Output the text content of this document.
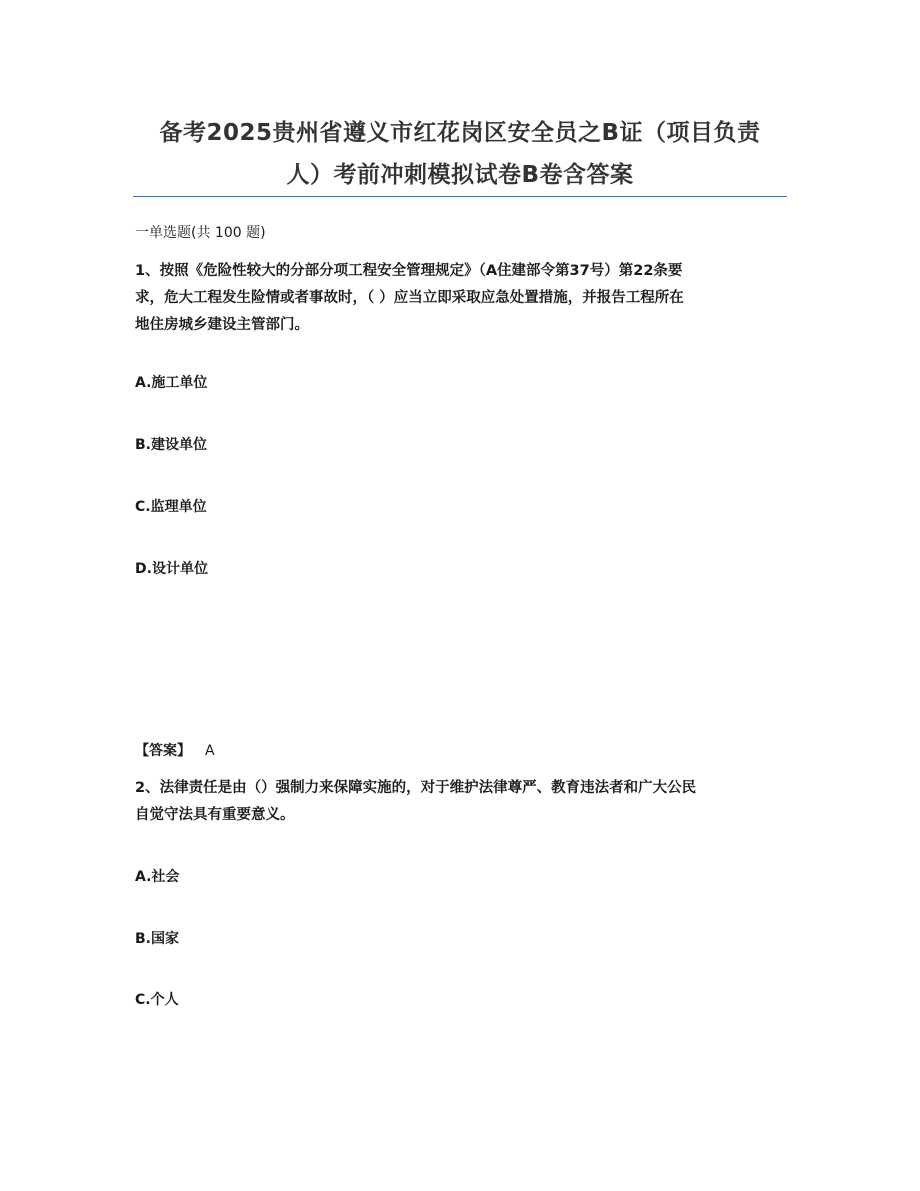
备考2025贵州省遵义市红花岗区安全员之B证（项目负责
人）考前冲刺模拟试卷B卷含答案
一单选题(共 100 题)
1、按照《危险性较大的分部分项工程安全管理规定》（A住建部令第37号）第22条要
求，危大工程发生险情或者事故时，（ ）应当立即采取应急处置措施，并报告工程所在
地住房城乡建设主管部门。
A.施工单位
B.建设单位
C.监理单位
D.设计单位
【答案】 A
2、法律责任是由（）强制力来保障实施的，对于维护法律尊严、教育违法者和广大公民
自觉守法具有重要意义。
A.社会
B.国家
C.个人
